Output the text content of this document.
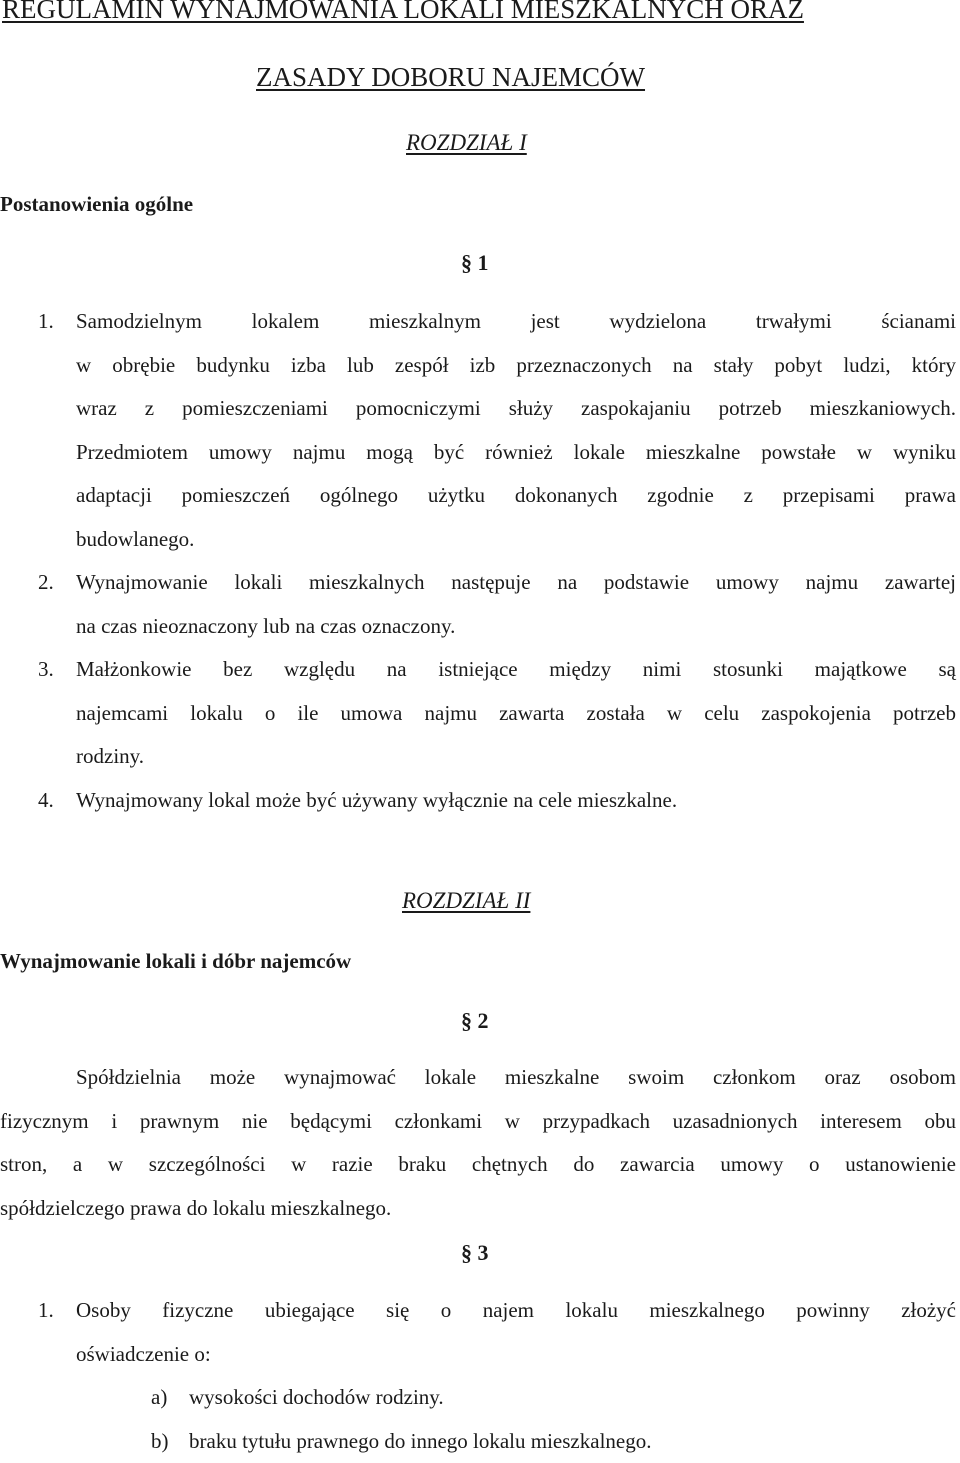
REGULAMIN WYNAJMOWANIA LOKALI MIESZKALNYCH ORAZ
ZASADY DOBORU NAJEMCÓW
ROZDZIAŁ I
Postanowienia ogólne
§ 1
1. Samodzielnym lokalem mieszkalnym jest wydzielona trwałymi ścianami
w obrębie budynku izba lub zespół izb przeznaczonych na stały pobyt ludzi, który
wraz z pomieszczeniami pomocniczymi służy zaspokajaniu potrzeb mieszkaniowych.
Przedmiotem umowy najmu mogą być również lokale mieszkalne powstałe w wyniku
adaptacji pomieszczeń ogólnego użytku dokonanych zgodnie z przepisami prawa
budowlanego.
2. Wynajmowanie lokali mieszkalnych następuje na podstawie umowy najmu zawartej
na czas nieoznaczony lub na czas oznaczony.
3. Małżonkowie bez względu na istniejące między nimi stosunki majątkowe są
najemcami lokalu o ile umowa najmu zawarta została w celu zaspokojenia potrzeb
rodziny.
4. Wynajmowany lokal może być używany wyłącznie na cele mieszkalne.
ROZDZIAŁ II
Wynajmowanie lokali i dóbr najemców
§ 2
Spółdzielnia może wynajmować lokale mieszkalne swoim członkom oraz osobom
fizycznym i prawnym nie będącymi członkami w przypadkach uzasadnionych interesem obu
stron, a w szczególności w razie braku chętnych do zawarcia umowy o ustanowienie
spółdzielczego prawa do lokalu mieszkalnego.
§ 3
1. Osoby fizyczne ubiegające się o najem lokalu mieszkalnego powinny złożyć
oświadczenie o:
a) wysokości dochodów rodziny.
b) braku tytułu prawnego do innego lokalu mieszkalnego.
